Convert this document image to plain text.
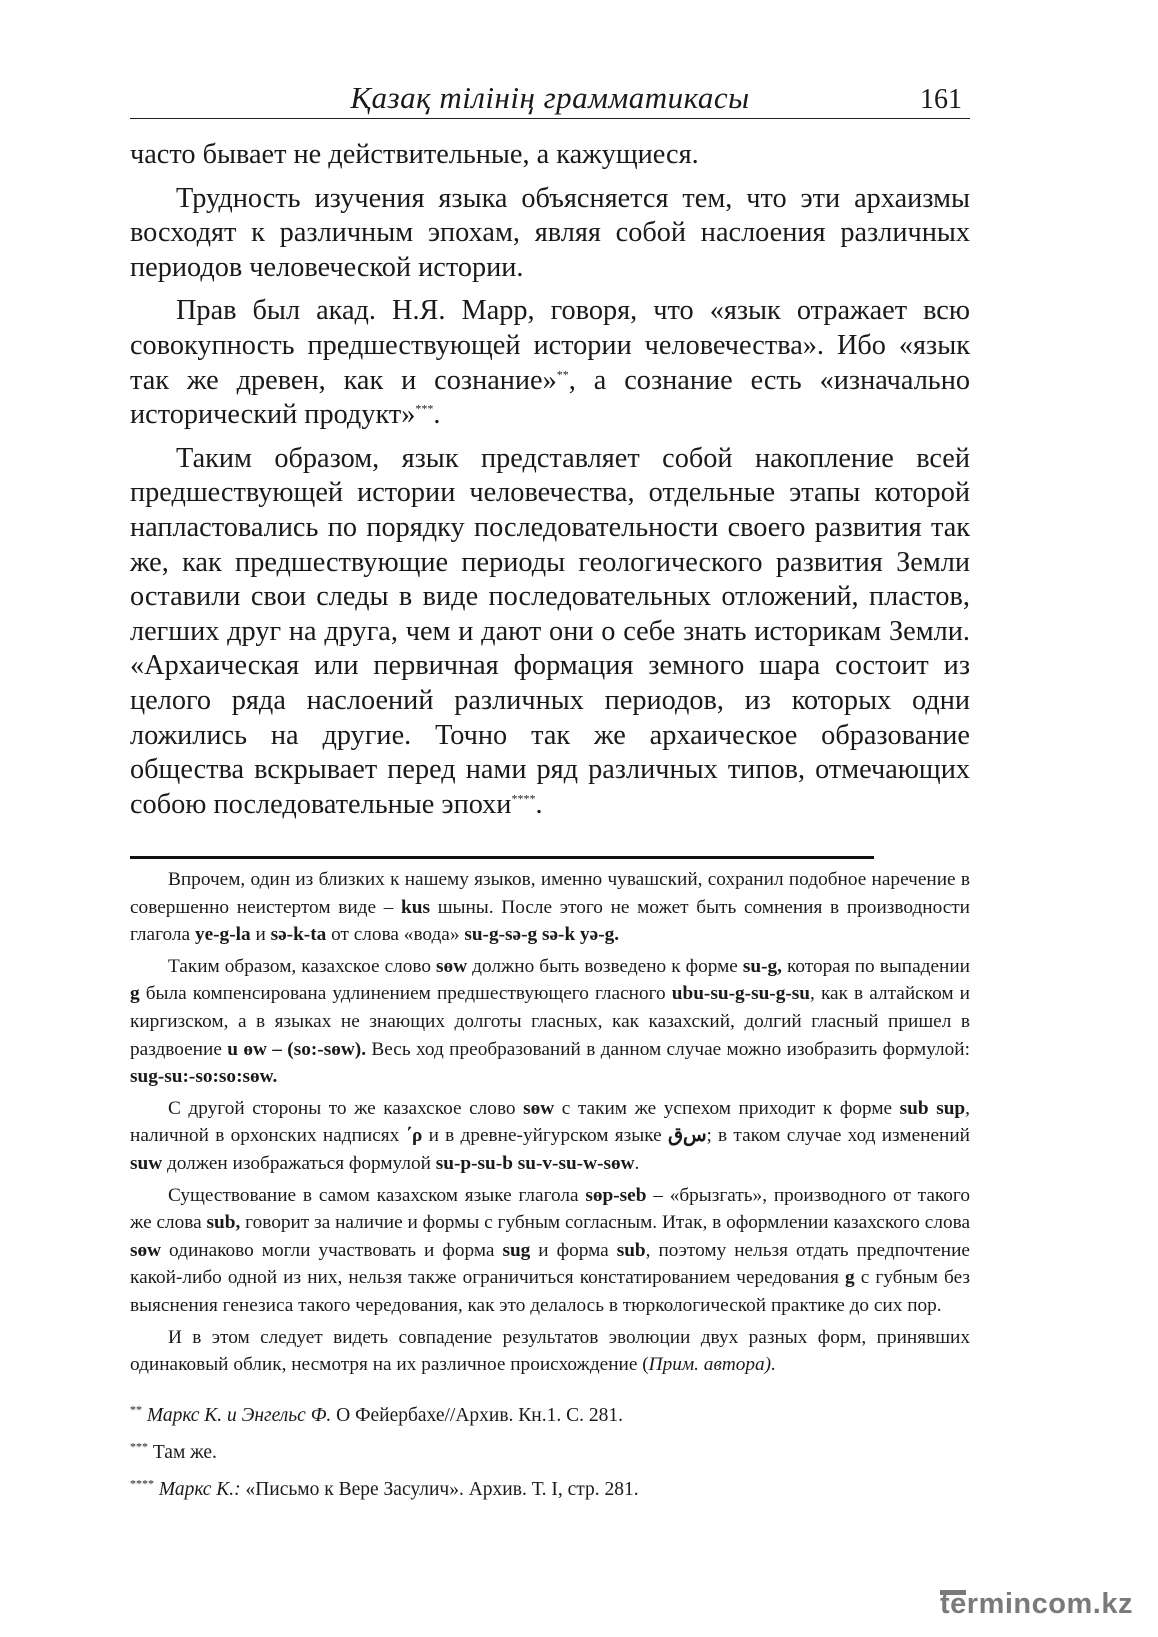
Қазақ тілінің грамматикасы	161

часто бывает не действительные, а кажущиеся.

Трудность изучения языка объясняется тем, что эти архаизмы восходят к различным эпохам, являя собой наслоения различных периодов человеческой истории.

Прав был акад. Н.Я. Марр, говоря, что «язык отражает всю совокупность предшествующей истории человечества». Ибо «язык так же древен, как и сознание»**, а сознание есть «изначально исторический продукт»***.

Таким образом, язык представляет собой накопление всей предшествующей истории человечества, отдельные этапы которой напластовались по порядку последовательности своего развития так же, как предшествующие периоды геологического развития Земли оставили свои следы в виде последовательных отложений, пластов, легших друг на друга, чем и дают они о себе знать историкам Земли. «Архаическая или первичная формация земного шара состоит из целого ряда наслоений различных периодов, из которых одни ложились на другие. Точно так же архаическое образование общества вскрывает перед нами ряд различных типов, отмечающих собою последовательные эпохи****.

Впрочем, один из близких к нашему языков, именно чувашский, сохранил подобное наречение в совершенно неистертом виде – kus шыны. После этого не может быть сомнения в производности глагола ye-g-la и sə-k-ta от слова «вода» su-g-sə-g sə-k yə-g.

Таким образом, казахское слово sɵw должно быть возведено к форме su-g, которая по выпадении g была компенсирована удлинением предшествующего гласного ubu-su-g-su-g-su, как в алтайском и киргизском, а в языках не знающих долготы гласных, как казахский, долгий гласный пришел в раздвоение u ɵw – (so:-sɵw). Весь ход преобразований в данном случае можно изобразить формулой: sug-su:-so:so:sɵw.

С другой стороны то же казахское слово sɵw с таким же успехом приходит к форме sub sup, наличной в орхонских надписях ΄ρ и в древне-уйгурском языке ﺱﻕ; в таком случае ход изменений suw должен изображаться формулой su-p-su-b su-v-su-w-sɵw.

Существование в самом казахском языке глагола sɵp-seb – «брызгать», производного от такого же слова sub, говорит за наличие и формы с губным согласным. Итак, в оформлении казахского слова sɵw одинаково могли участвовать и форма sug и форма sub, поэтому нельзя отдать предпочтение какой-либо одной из них, нельзя также ограничиться констатированием чередования g с губным без выяснения генезиса такого чередования, как это делалось в тюркологической практике до сих пор.

И в этом следует видеть совпадение результатов эволюции двух разных форм, принявших одинаковый облик, несмотря на их различное происхождение (Прим. автора).

** Маркс К. и Энгельс Ф. О Фейербахе//Архив. Кн.1. С. 281.
*** Там же.
**** Маркс К.: «Письмо к Вере Засулич». Архив. Т. I, стр. 281.
termincom.kz
